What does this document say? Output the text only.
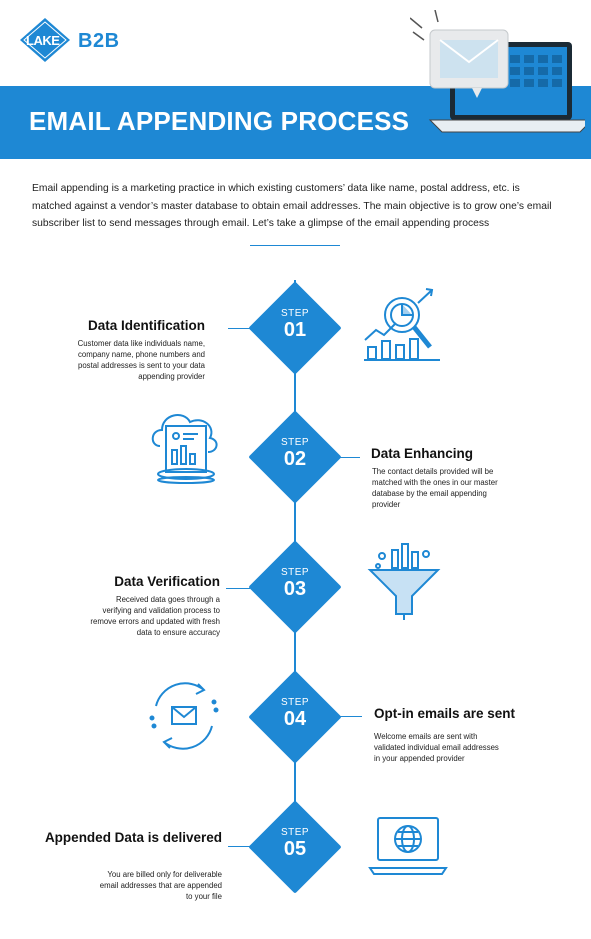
LAKE B2B
EMAIL APPENDING PROCESS

Email appending is a marketing practice in which existing customers’ data like name, postal address, etc. is matched against a vendor’s master database to obtain email addresses. The main objective is to grow one’s email subscriber list to send messages through email. Let’s take a glimpse of the email appending process

Data Identification
Customer data like individuals name, company name, phone numbers and postal addresses is sent to your data appending provider
STEP
01
Data Enhancing
The contact details provided will be matched with the ones in our master database by the email appending provider
STEP
02
Data Verification
Received data goes through a verifying and validation process to remove errors and updated with fresh data to ensure accuracy
STEP
03
Opt-in emails are sent
Welcome emails are sent with validated individual email addresses in your appended provider
STEP
04
Appended Data is delivered
You are billed only for deliverable email addresses that are appended to your file
STEP
05
